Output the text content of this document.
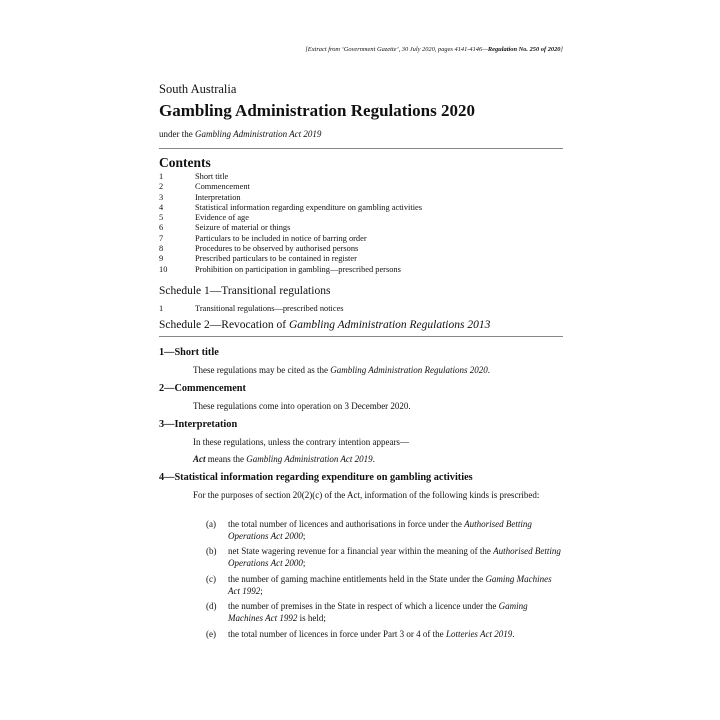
[Extract from ‘Government Gazette’, 30 July 2020, pages 4141-4146—Regulation No. 250 of 2020]
South Australia
Gambling Administration Regulations 2020
under the Gambling Administration Act 2019
Contents
1	Short title
2	Commencement
3	Interpretation
4	Statistical information regarding expenditure on gambling activities
5	Evidence of age
6	Seizure of material or things
7	Particulars to be included in notice of barring order
8	Procedures to be observed by authorised persons
9	Prescribed particulars to be contained in register
10	Prohibition on participation in gambling—prescribed persons
Schedule 1—Transitional regulations
1	Transitional regulations—prescribed notices
Schedule 2—Revocation of Gambling Administration Regulations 2013
1—Short title
These regulations may be cited as the Gambling Administration Regulations 2020.
2—Commencement
These regulations come into operation on 3 December 2020.
3—Interpretation
In these regulations, unless the contrary intention appears—
Act means the Gambling Administration Act 2019.
4—Statistical information regarding expenditure on gambling activities
For the purposes of section 20(2)(c) of the Act, information of the following kinds is prescribed:
(a) the total number of licences and authorisations in force under the Authorised Betting Operations Act 2000;
(b) net State wagering revenue for a financial year within the meaning of the Authorised Betting Operations Act 2000;
(c) the number of gaming machine entitlements held in the State under the Gaming Machines Act 1992;
(d) the number of premises in the State in respect of which a licence under the Gaming Machines Act 1992 is held;
(e) the total number of licences in force under Part 3 or 4 of the Lotteries Act 2019.
